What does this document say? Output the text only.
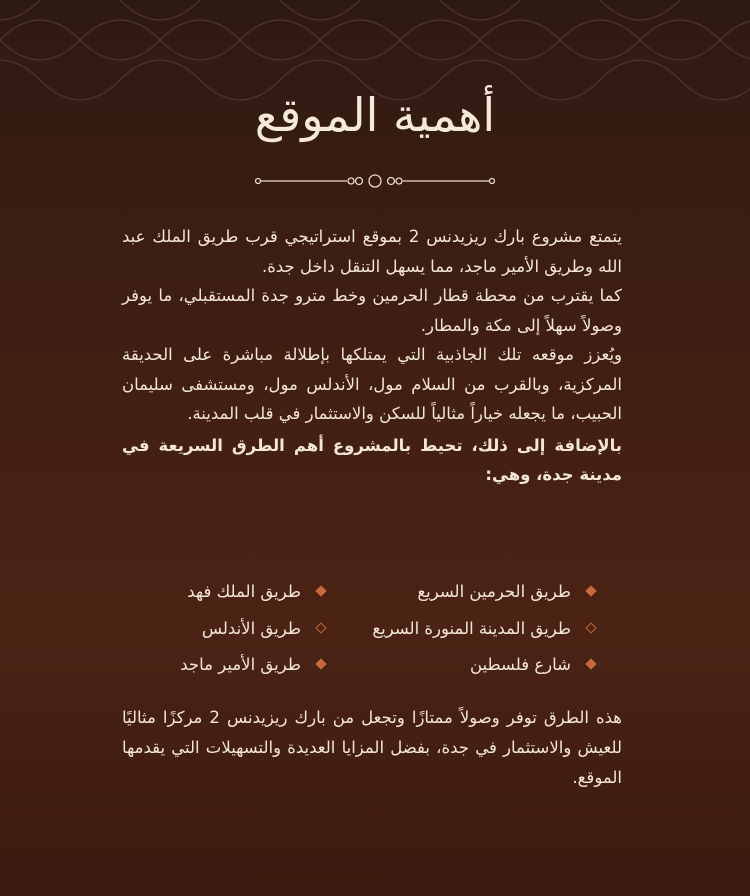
أهمية الموقع

يتمتع مشروع بارك ريزيدنس 2 بموقع استراتيجي قرب طريق الملك عبد الله وطريق الأمير ماجد، مما يسهل التنقل داخل جدة.

كما يقترب من محطة قطار الحرمين وخط مترو جدة المستقبلي، ما يوفر وصولاً سهلاً إلى مكة والمطار.

ويُعزز موقعه تلك الجاذبية التي يمتلكها بإطلالة مباشرة على الحديقة المركزية، وبالقرب من السلام مول، الأندلس مول، ومستشفى سليمان الحبيب، ما يجعله خياراً مثالياً للسكن والاستثمار في قلب المدينة.

بالإضافة إلى ذلك، تحيط بالمشروع أهم الطرق السريعة في مدينة جدة، وهي:

طريق الحرمين السريع
طريق المدينة المنورة السريع
شارع فلسطين
طريق الملك فهد
طريق الأندلس
طريق الأمير ماجد

هذه الطرق توفر وصولاً ممتازًا وتجعل من بارك ريزيدنس 2 مركزًا مثاليًا للعيش والاستثمار في جدة، بفضل المزايا العديدة والتسهيلات التي يقدمها الموقع.
